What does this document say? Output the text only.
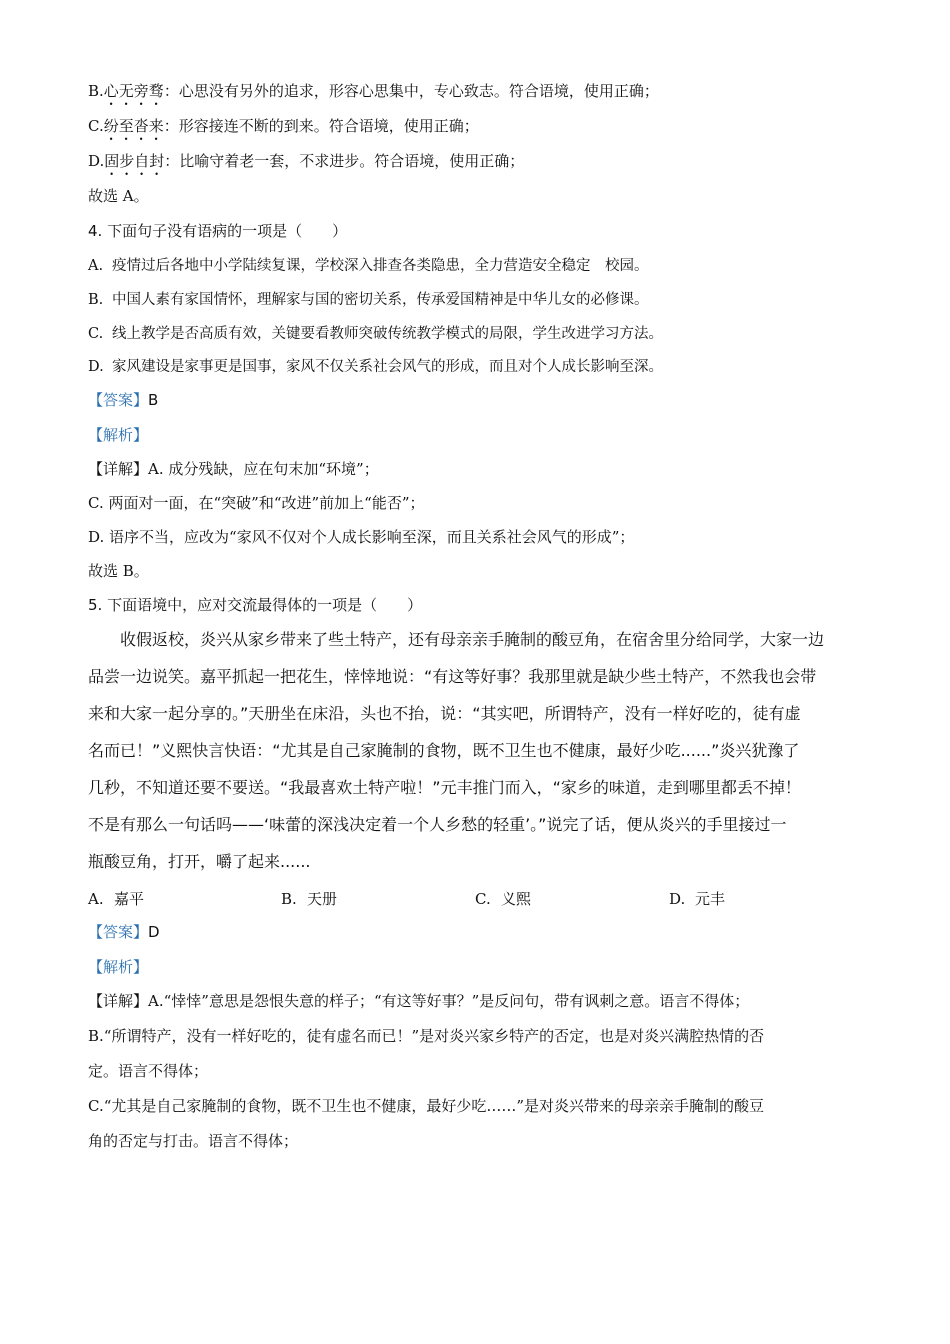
B.心无旁骛：心思没有另外的追求，形容心思集中，专心致志。符合语境，使用正确；
C.纷至沓来：形容接连不断的到来。符合语境，使用正确；
D.固步自封：比喻守着老一套，不求进步。符合语境，使用正确；
故选 A。
4. 下面句子没有语病的一项是（　　）
A. 疫情过后各地中小学陆续复课，学校深入排查各类隐患，全力营造安全稳定　校园。
B. 中国人素有家国情怀，理解家与国的密切关系，传承爱国精神是中华儿女的必修课。
C. 线上教学是否高质有效，关键要看教师突破传统教学模式的局限，学生改进学习方法。
D. 家风建设是家事更是国事，家风不仅关系社会风气的形成，而且对个人成长影响至深。
【答案】B
【解析】
【详解】A. 成分残缺，应在句末加“环境”；
C. 两面对一面，在“突破”和“改进”前加上“能否”；
D. 语序不当，应改为“家风不仅对个人成长影响至深，而且关系社会风气的形成”；
故选 B。
5. 下面语境中，应对交流最得体的一项是（　　）
收假返校，炎兴从家乡带来了些土特产，还有母亲亲手腌制的酸豆角，在宿舍里分给同学，大家一边
品尝一边说笑。嘉平抓起一把花生，悻悻地说：“有这等好事？我那里就是缺少些土特产，不然我也会带
来和大家一起分享的。”天册坐在床沿，头也不抬，说：“其实吧，所谓特产，没有一样好吃的，徒有虚
名而已！”义熙快言快语：“尤其是自己家腌制的食物，既不卫生也不健康，最好少吃......”炎兴犹豫了
几秒，不知道还要不要送。“我最喜欢土特产啦！”元丰推门而入，“家乡的味道，走到哪里都丢不掉！
不是有那么一句话吗——‘味蕾的深浅决定着一个人乡愁的轻重’。”说完了话，便从炎兴的手里接过一
瓶酸豆角，打开，嚼了起来......
A. 嘉平	B. 天册	C. 义熙	D. 元丰
【答案】D
【解析】
【详解】A.“悻悻”意思是怨恨失意的样子；“有这等好事？”是反问句，带有讽刺之意。语言不得体；
B.“所谓特产，没有一样好吃的，徒有虚名而已！”是对炎兴家乡特产的否定，也是对炎兴满腔热情的否
定。语言不得体；
C.“尤其是自己家腌制的食物，既不卫生也不健康，最好少吃……”是对炎兴带来的母亲亲手腌制的酸豆
角的否定与打击。语言不得体；
